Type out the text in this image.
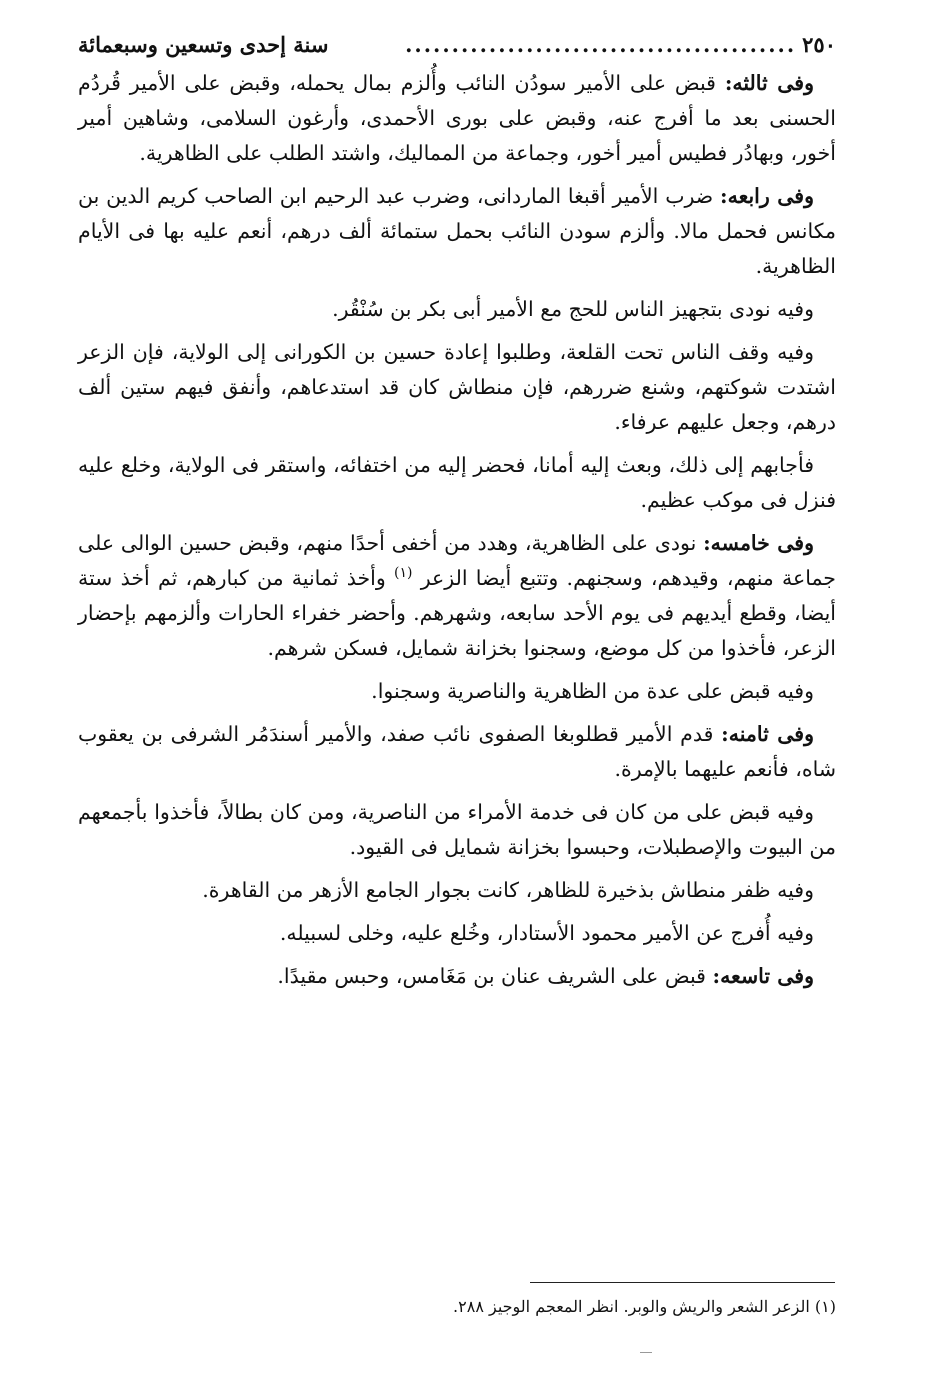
٢٥٠
..........................................
سنة إحدى وتسعين وسبعمائة

وفى ثالثه: قبض على الأمير سودُن النائب وأُلزم بمال يحمله، وقبض على الأمير قُردُم الحسنى بعد ما أفرج عنه، وقبض على بورى الأحمدى، وأرغون السلامى، وشاهين أمير أخور، وبهادُر فطيس أمير أخور، وجماعة من المماليك، واشتد الطلب على الظاهرية.

وفى رابعه: ضرب الأمير أقبغا الماردانى، وضرب عبد الرحيم ابن الصاحب كريم الدين بن مكانس فحمل مالا. وألزم سودن النائب بحمل ستمائة ألف درهم، أنعم عليه بها فى الأيام الظاهرية.

وفيه نودى بتجهيز الناس للحج مع الأمير أبى بكر بن سُنْقُر.

وفيه وقف الناس تحت القلعة، وطلبوا إعادة حسين بن الكورانى إلى الولاية، فإن الزعر اشتدت شوكتهم، وشنع ضررهم، فإن منطاش كان قد استدعاهم، وأنفق فيهم ستين ألف درهم، وجعل عليهم عرفاء.

فأجابهم إلى ذلك، وبعث إليه أمانا، فحضر إليه من اختفائه، واستقر فى الولاية، وخلع عليه فنزل فى موكب عظيم.

وفى خامسه: نودى على الظاهرية، وهدد من أخفى أحدًا منهم، وقبض حسين الوالى على جماعة منهم، وقيدهم، وسجنهم. وتتبع أيضا الزعر $^{(١)}$ وأخذ ثمانية من كبارهم، ثم أخذ ستة أيضا، وقطع أيديهم فى يوم الأحد سابعه، وشهرهم. وأحضر خفراء الحارات وألزمهم بإحضار الزعر، فأخذوا من كل موضع، وسجنوا بخزانة شمايل، فسكن شرهم.

وفيه قبض على عدة من الظاهرية والناصرية وسجنوا.

وفى ثامنه: قدم الأمير قطلوبغا الصفوى نائب صفد، والأمير أسندَمُر الشرفى بن يعقوب شاه، فأنعم عليهما بالإمرة.

وفيه قبض على من كان فى خدمة الأمراء من الناصرية، ومن كان بطالاً، فأخذوا بأجمعهم من البيوت والإصطبلات، وحبسوا بخزانة شمايل فى القيود.

وفيه ظفر منطاش بذخيرة للظاهر، كانت بجوار الجامع الأزهر من القاهرة.

وفيه أُفرج عن الأمير محمود الأستادار، وخُلع عليه، وخلى لسبيله.

وفى تاسعه: قبض على الشريف عنان بن مَغَامس، وحبس مقيدًا.

(١) الزعر الشعر والريش والوبر. انظر المعجم الوجيز ٢٨٨.
